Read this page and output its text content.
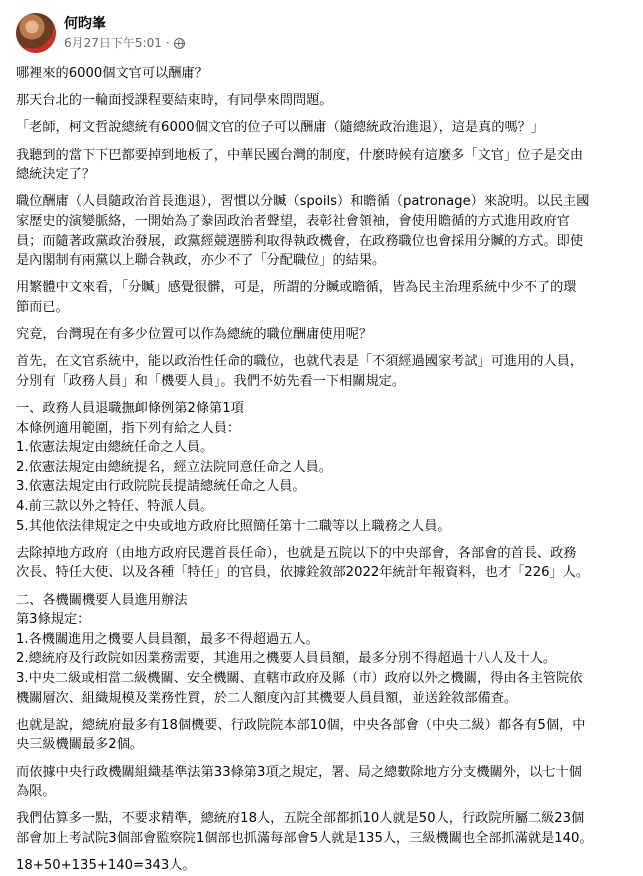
何昀峯
6月27日下午5:01 ·
哪裡來的6000個文官可以酬庸？
那天台北的一輪面授課程要結束時，有同學來問問題。
「老師，柯文哲說總統有6000個文官的位子可以酬庸（隨總統政治進退），這是真的嗎？」
我聽到的當下下巴都要掉到地板了，中華民國台灣的制度，什麼時候有這麼多「文官」位子是交由
總統決定了？
職位酬庸（人員隨政治首長進退），習慣以分贓（spoils）和瞻循（patronage）來說明。以民主國
家歷史的演變脈絡，一開始為了豢固政治者聲望，表彰社會領袖，會使用瞻循的方式進用政府官
員；而隨著政黨政治發展，政黨經競選勝利取得執政機會，在政務職位也會採用分贓的方式。即使
是內閣制有兩黨以上聯合執政，亦少不了「分配職位」的結果。
用繁體中文來看，「分贓」感覺很髒，可是，所謂的分贓或瞻循，皆為民主治理系統中少不了的環
節而已。
究竟，台灣現在有多少位置可以作為總統的職位酬庸使用呢？
首先，在文官系統中，能以政治性任命的職位，也就代表是「不須經過國家考試」可進用的人員，
分別有「政務人員」和「機要人員」。我們不妨先看一下相關規定。
一、政務人員退職撫卹條例第2條第1項
本條例適用範圍，指下列有給之人員：
1.依憲法規定由總統任命之人員。
2.依憲法規定由總統提名，經立法院同意任命之人員。
3.依憲法規定由行政院院長提請總統任命之人員。
4.前三款以外之特任、特派人員。
5.其他依法律規定之中央或地方政府比照簡任第十二職等以上職務之人員。
去除掉地方政府（由地方政府民選首長任命），也就是五院以下的中央部會，各部會的首長、政務
次長、特任大使、以及各種「特任」的官員，依據銓敘部2022年統計年報資料，也才「226」人。
二、各機關機要人員進用辦法
第3條規定：
1.各機關進用之機要人員員額，最多不得超過五人。
2.總統府及行政院如因業務需要，其進用之機要人員員額，最多分別不得超過十八人及十人。
3.中央二級或相當二級機關、安全機關、直轄市政府及縣（市）政府以外之機關，得由各主管院依
機關層次、組織規模及業務性質，於二人額度內訂其機要人員員額，並送銓敘部備查。
也就是說，總統府最多有18個機要、行政院院本部10個，中央各部會（中央二級）都各有5個，中
央三級機關最多2個。
而依據中央行政機關組織基準法第33條第3項之規定，署、局之總數除地方分支機關外，以七十個
為限。
我們估算多一點，不要求精準，總統府18人，五院全部都抓10人就是50人，行政院所屬二級23個
部會加上考試院3個部會監察院1個部也抓滿每部會5人就是135人，三級機關也全部抓滿就是140。
18+50+135+140=343人。
